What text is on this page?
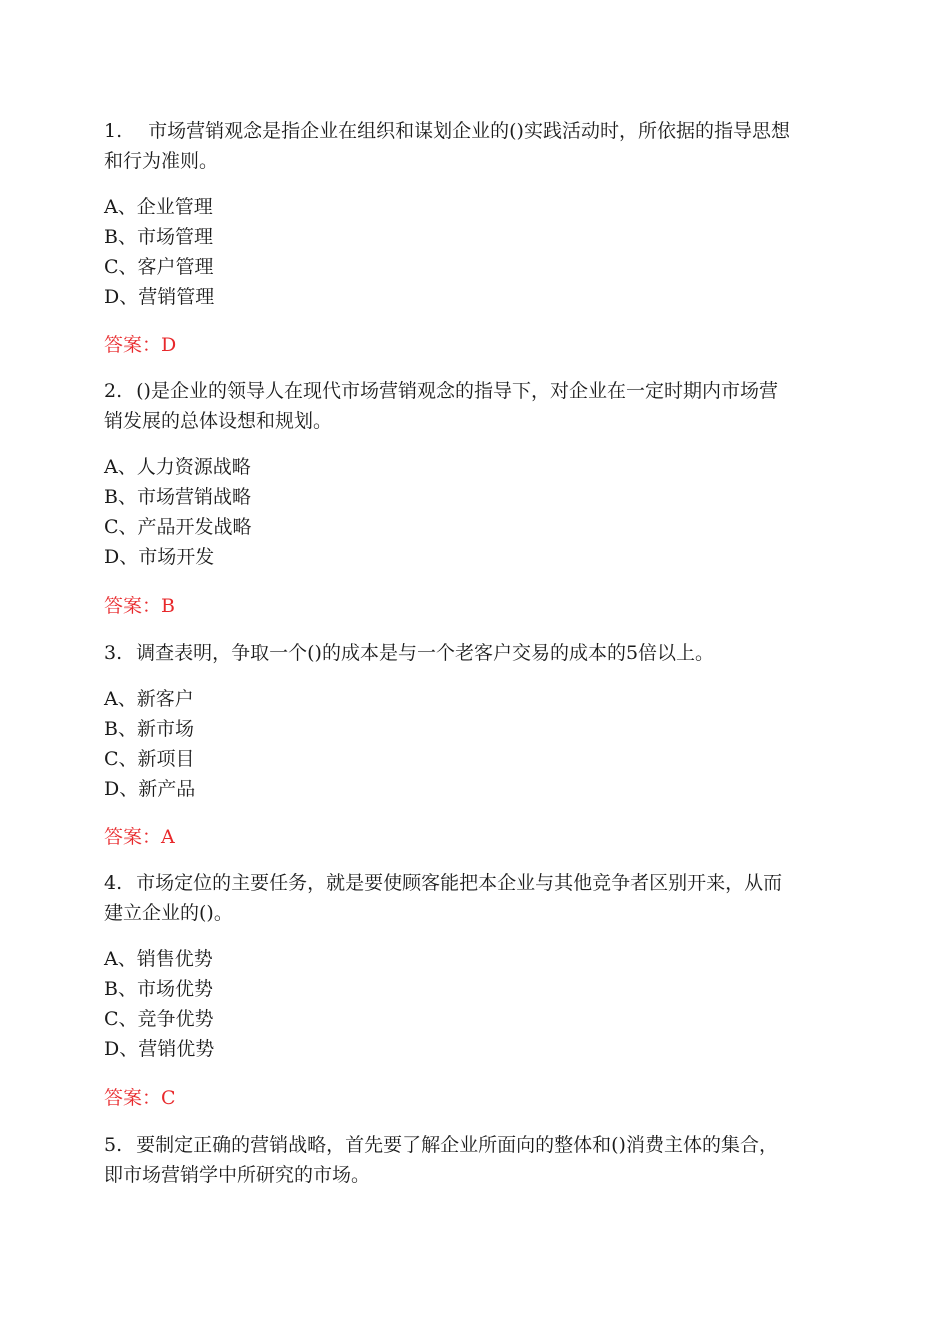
1. 市场营销观念是指企业在组织和谋划企业的()实践活动时，所依据的指导思想
和行为准则。
A、企业管理
B、市场管理
C、客户管理
D、营销管理
答案：D
2. ()是企业的领导人在现代市场营销观念的指导下，对企业在一定时期内市场营
销发展的总体设想和规划。
A、人力资源战略
B、市场营销战略
C、产品开发战略
D、市场开发
答案：B
3. 调查表明，争取一个()的成本是与一个老客户交易的成本的5倍以上。
A、新客户
B、新市场
C、新项目
D、新产品
答案：A
4. 市场定位的主要任务，就是要使顾客能把本企业与其他竞争者区别开来，从而
建立企业的()。
A、销售优势
B、市场优势
C、竞争优势
D、营销优势
答案：C
5. 要制定正确的营销战略，首先要了解企业所面向的整体和()消费主体的集合，
即市场营销学中所研究的市场。
